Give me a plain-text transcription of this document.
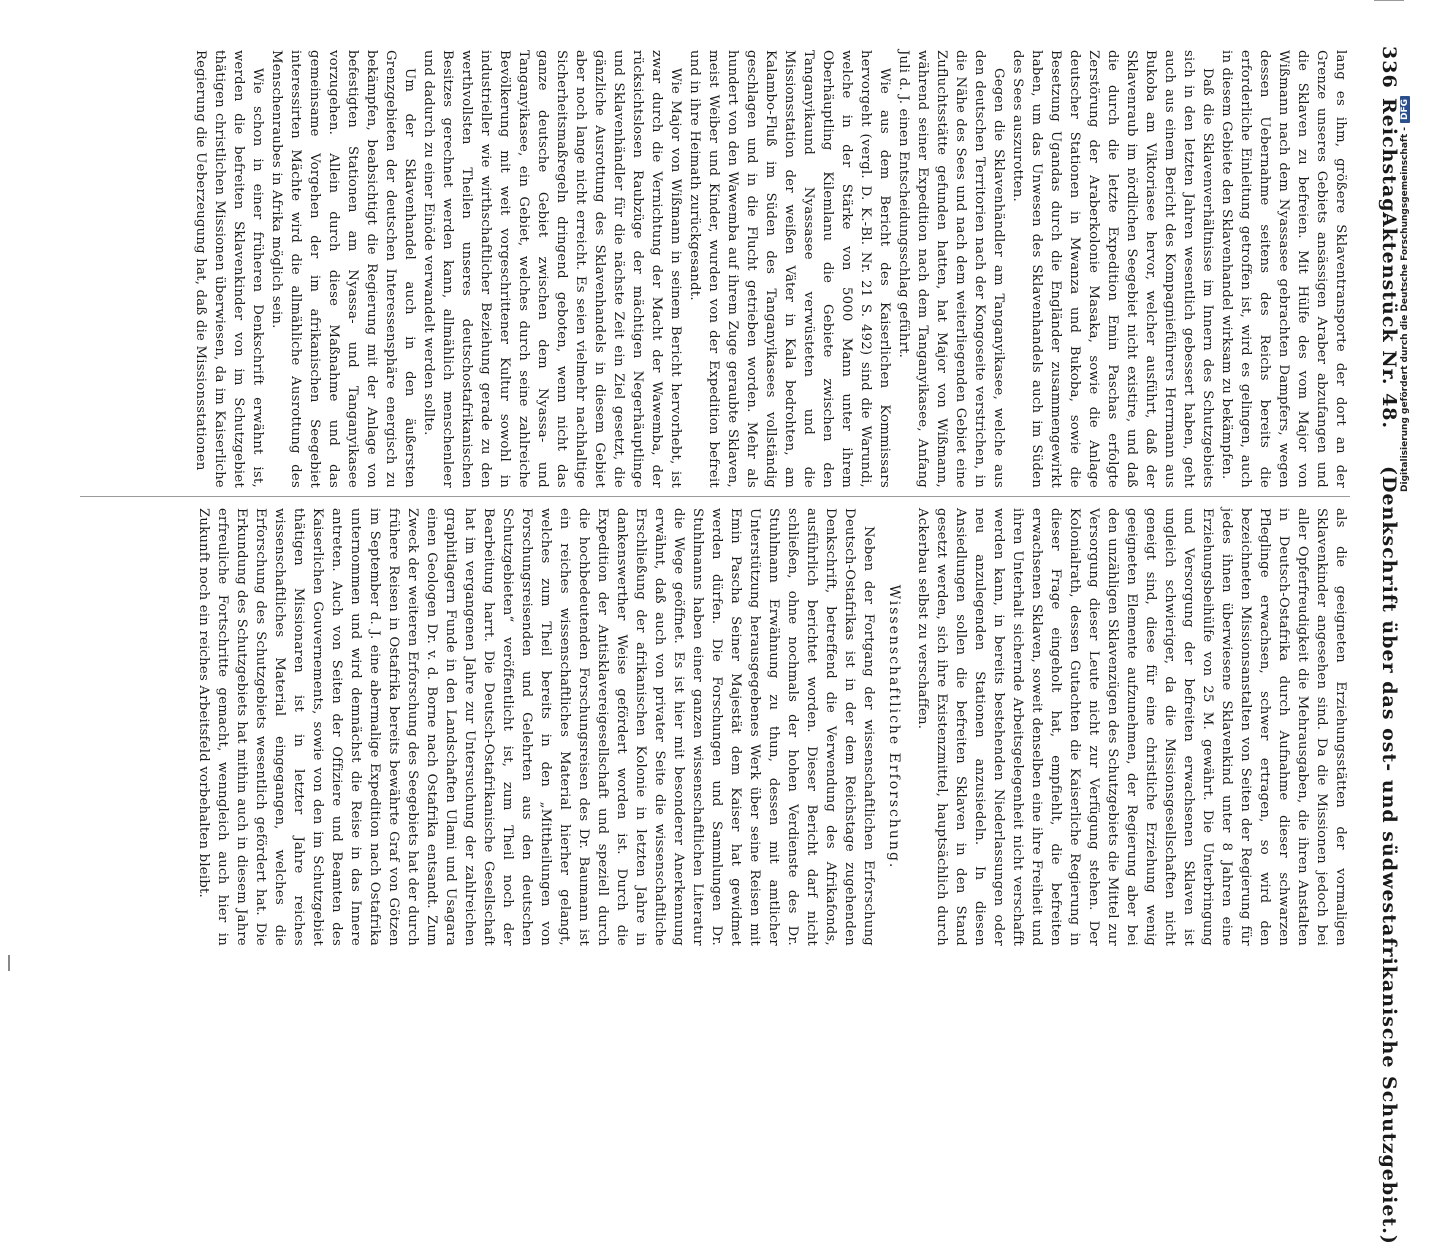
336
Reichstag.
Aktenstück Nr. 48.
(Denkschrift über das ost- und südwestafrikanische Schutzgebiet.)

lang es ihm, größere Sklaventransporte der dort an der Grenze unseres Gebiets ansässigen Araber abzufangen und die Sklaven zu befreien. Mit Hülfe des vom Major von Wißmann nach dem Nyassasee gebrachten Dampfers, wegen dessen Uebernahme seitens des Reichs bereits die erforderliche Einleitung getroffen ist, wird es gelingen, auch in diesem Gebiete den Sklavenhandel wirksam zu bekämpfen.

Daß die Sklavenverhältnisse im Innern des Schutzgebiets sich in den letzten Jahren wesentlich gebessert haben, geht auch aus einem Bericht des Kompagnieführers Herrmann aus Bukoba am Viktoriasee hervor, welcher ausführt, daß der Sklavenraub im nördlichen Seegebiet nicht existire, und daß die durch die letzte Expedition Emin Paschas erfolgte Zerstörung der Araberkolonie Masaka, sowie die Anlage deutscher Stationen in Mwanza und Bukoba, sowie die Besetzung Ugandas durch die Engländer zusammengewirkt haben, um das Unwesen des Sklavenhandels auch im Süden des Sees auszurotten.

Gegen die Sklavenhändler am Tanganyikasee, welche aus den deutschen Territorien nach der Kongoseite verstrichen, in die Nähe des Sees und nach dem weiterliegenden Gebiet eine Zufluchtsstätte gefunden hatten, hat Major von Wißmann, während seiner Expedition nach dem Tanganyikasee, Anfang Juli d. J. einen Entscheidungsschlag geführt.

Wie aus dem Bericht des Kaiserlichen Kommissars hervorgeht (vergl. D. K.-Bl. Nr. 21 S. 492) sind die Warundi, welche in der Stärke von 5000 Mann unter ihrem Oberhäuptling Kilemlanu die Gebiete zwischen den Tanganyikaund Nyassasee verwüsteten und die Missionsstation der weißen Väter in Kala bedrohten, am Kalambo-Fluß im Süden des Tanganyikasees vollständig geschlagen und in die Flucht getrieben worden. Mehr als hundert von den Wawemba auf ihrem Zuge geraubte Sklaven, meist Weiber und Kinder, wurden von der Expedition befreit und in ihre Heimath zurückgesandt.

Wie Major von Wißmann in seinem Bericht hervorhebt, ist zwar durch die Vernichtung der Macht der Wawemba, der rücksichtslosen Raubzüge der mächtigen Negerhäuptlinge und Sklavenhändler für die nächste Zeit ein Ziel gesetzt, die gänzliche Ausrottung des Sklavenhandels in diesem Gebiet aber noch lange nicht erreicht. Es seien vielmehr nachhaltige Sicherheitsmaßregeln dringend geboten, wenn nicht das ganze deutsche Gebiet zwischen dem Nyassa- und Tanganyikasee, ein Gebiet, welches durch seine zahlreiche Bevölkerung mit weit vorgeschrittener Kultur sowohl in industrieller wie wirthschaftlicher Beziehung gerade zu den werthvollsten Theilen unseres deutschostafrikanischen Besitzes gerechnet werden kann, allmählich menschenleer und dadurch zu einer Einöde verwandelt werden sollte.

Um der Sklavenhandel auch in den äußersten Grenzgebieten der deutschen Interessensphäre energisch zu bekämpfen, beabsichtigt die Regierung mit der Anlage von befestigten Stationen am Nyassa- und Tanganyikasee vorzugehen. Allein durch diese Maßnahme und das gemeinsame Vorgehen der im afrikanischen Seegebiet interessirten Mächte wird die allmähliche Ausrottung des Menschenraubes in Afrika möglich sein.

Wie schon in einer früheren Denkschrift erwähnt ist, werden die befreiten Sklavenkinder von im Schutzgebiet thätigen christlichen Missionen überwiesen, da im Kaiserliche Regierung die Ueberzeugung hat, daß die Missionsstationen

als die geeigneten Erziehungsstätten der vormaligen Sklavenkinder angesehen sind. Da die Missionen jedoch bei aller Opferfreudigkeit die Mehrausgaben, die ihren Anstalten in Deutsch-Ostafrika durch Aufnahme dieser schwarzen Pfleglinge erwachsen, schwer ertragen, so wird den bezeichneten Missionsanstalten von Seiten der Regierung für jedes ihnen überwiesene Sklavenkind unter 8 Jahren eine Erziehungsbeihülfe von 25 M. gewährt. Die Unterbringung und Versorgung der befreiten erwachsenen Sklaven ist ungleich schwieriger, da die Missionsgesellschaften nicht geneigt sind, diese für eine christliche Erziehung wenig geeigneten Elemente aufzunehmen, der Regierung aber bei den unzähligen Sklavenzügen des Schutzgebiets die Mittel zur Versorgung dieser Leute nicht zur Verfügung stehen. Der Kolonialrath, dessen Gutachten die Kaiserliche Regierung in dieser Frage eingeholt hat, empfiehlt, die befreiten erwachsenen Sklaven, soweit denselben eine ihre Freiheit und ihren Unterhalt sichernde Arbeitsgelegenheit nicht verschafft werden kann, in bereits bestehenden Niederlassungen oder neu anzulegenden Stationen anzusiedeln. In diesen Ansiedlungen sollen die befreiten Sklaven in den Stand gesetzt werden, sich ihre Existenzmittel, hauptsächlich durch Ackerbau selbst zu verschaffen.

Wissenschaftliche Erforschung.

Neben der Fortgang der wissenschaftlichen Erforschung Deutsch-Ostafrikas ist in der dem Reichstage zugehenden Denkschrift, betreffend die Verwendung des Afrikafonds, ausführlich berichtet worden. Dieser Bericht darf nicht schließen, ohne nochmals der hohen Verdienste des Dr. Stuhlmann Erwähnung zu thun, dessen mit amtlicher Unterstützung herausgegebenes Werk über seine Reisen mit Emin Pascha Seiner Majestät dem Kaiser hat gewidmet werden dürfen. Die Forschungen und Sammlungen Dr. Stuhlmanns haben einer ganzen wissenschaftlichen Literatur die Wege geöffnet. Es ist hier mit besonderer Anerkennung erwähnt, daß auch von privater Seite die wissenschaftliche Erschließung der afrikanischen Kolonie in letzten Jahre in dankenswerther Weise gefördert worden ist. Durch die Expedition der Antisklavereigesellschaft und speziell durch die hochbedeutenden Forschungsreisen des Dr. Baumann ist ein reiches wissenschaftliches Material hierher gelangt, welches zum Theil bereits in den „Mittheilungen von Forschungsreisenden und Gelehrten aus den deutschen Schutzgebieten“ veröffentlicht ist, zum Theil noch der Bearbeitung harrt. Die Deutsch-Ostafrikanische Gesellschaft hat im vergangenen Jahre zur Untersuchung der zahlreichen graphitlagern Funde in den Landschaften Ulami und Usagara einen Geologen Dr. v. d. Borne nach Ostafrika entsandt. Zum Zweck der weiteren Erforschung des Seegebiets hat der durch frühere Reisen in Ostafrika bereits bewährte Graf von Götzen im September d. J. eine abermalige Expedition nach Ostafrika unternommen und wird demnächst die Reise in das Innere antreten. Auch von Seiten der Offiziere und Beamten des Kaiserlichen Gouvernements, sowie von den im Schutzgebiet thätigen Missionaren ist in letzter Jahre reiches wissenschaftliches Material eingegangen, welches die Erforschung des Schutzgebiets wesentlich gefördert hat. Die Erkundung des Schutzgebiets hat mithin auch in diesem Jahre erfreuliche Fortschritte gemacht, wenngleich auch hier in Zukunft noch ein reiches Arbeitsfeld vorbehalten bleibt.

Digitalisierung gefördert durch die Deutsche Forschungsgemeinschaft -DFG
